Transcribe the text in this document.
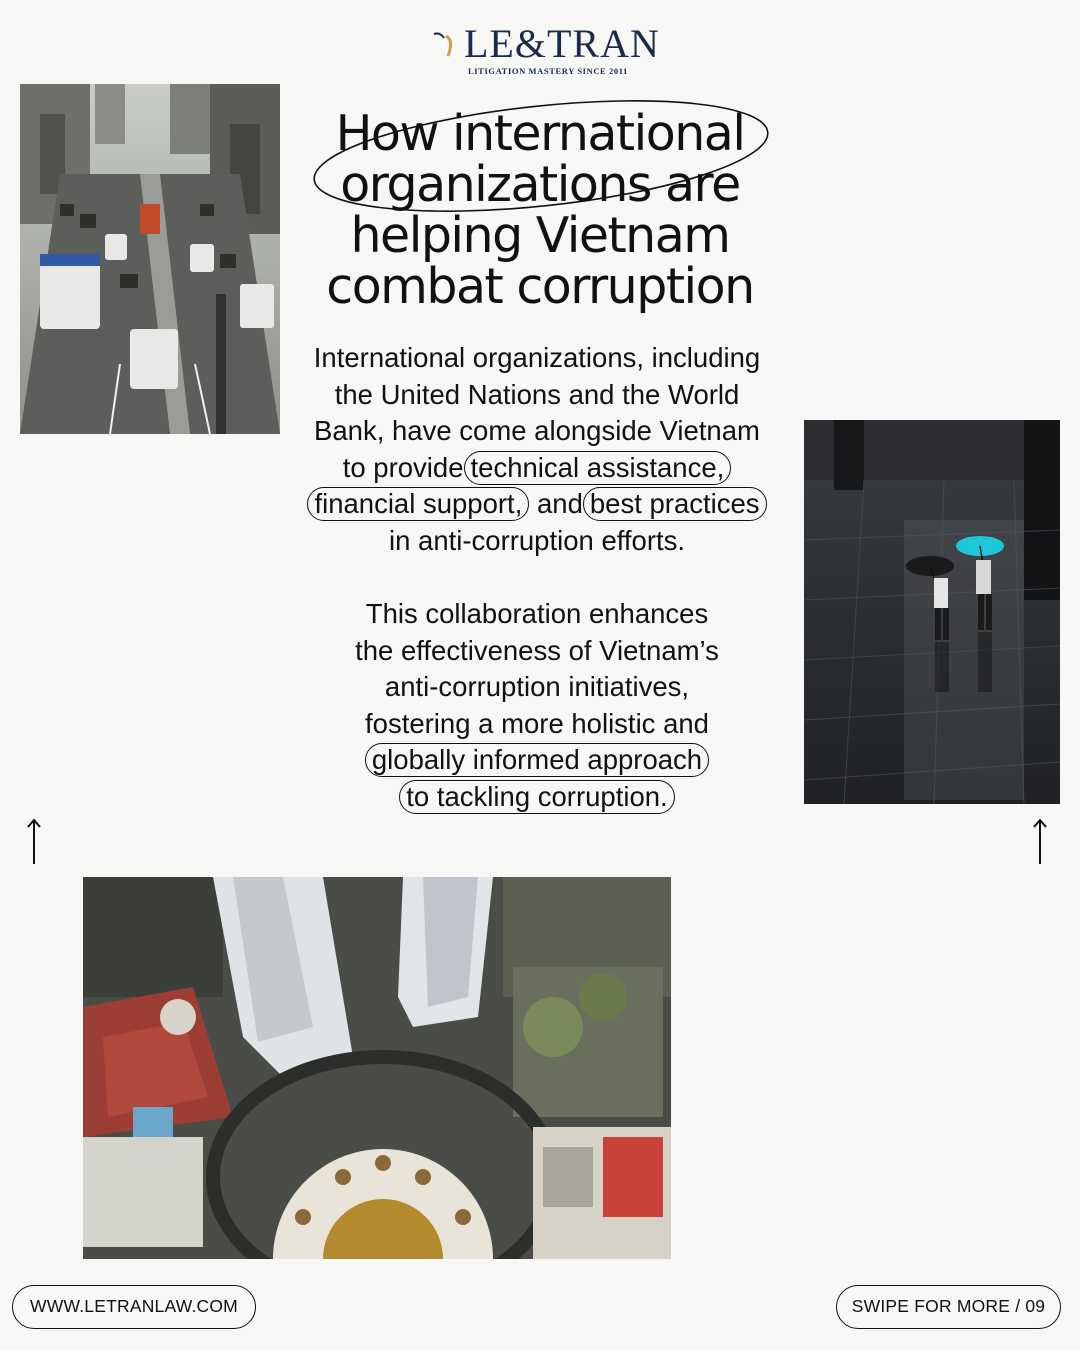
LE&TRAN
LITIGATION MASTERY SINCE 2011
How international
organizations are
helping Vietnam
combat corruption
International organizations, including
the United Nations and the World
Bank, have come alongside Vietnam
to provide technical assistance,
financial support, and best practices
in anti-corruption efforts.
This collaboration enhances
the effectiveness of Vietnam’s
anti-corruption initiatives,
fostering a more holistic and
globally informed approach
to tackling corruption.
WWW.LETRANLAW.COM	SWIPE FOR MORE / 09
